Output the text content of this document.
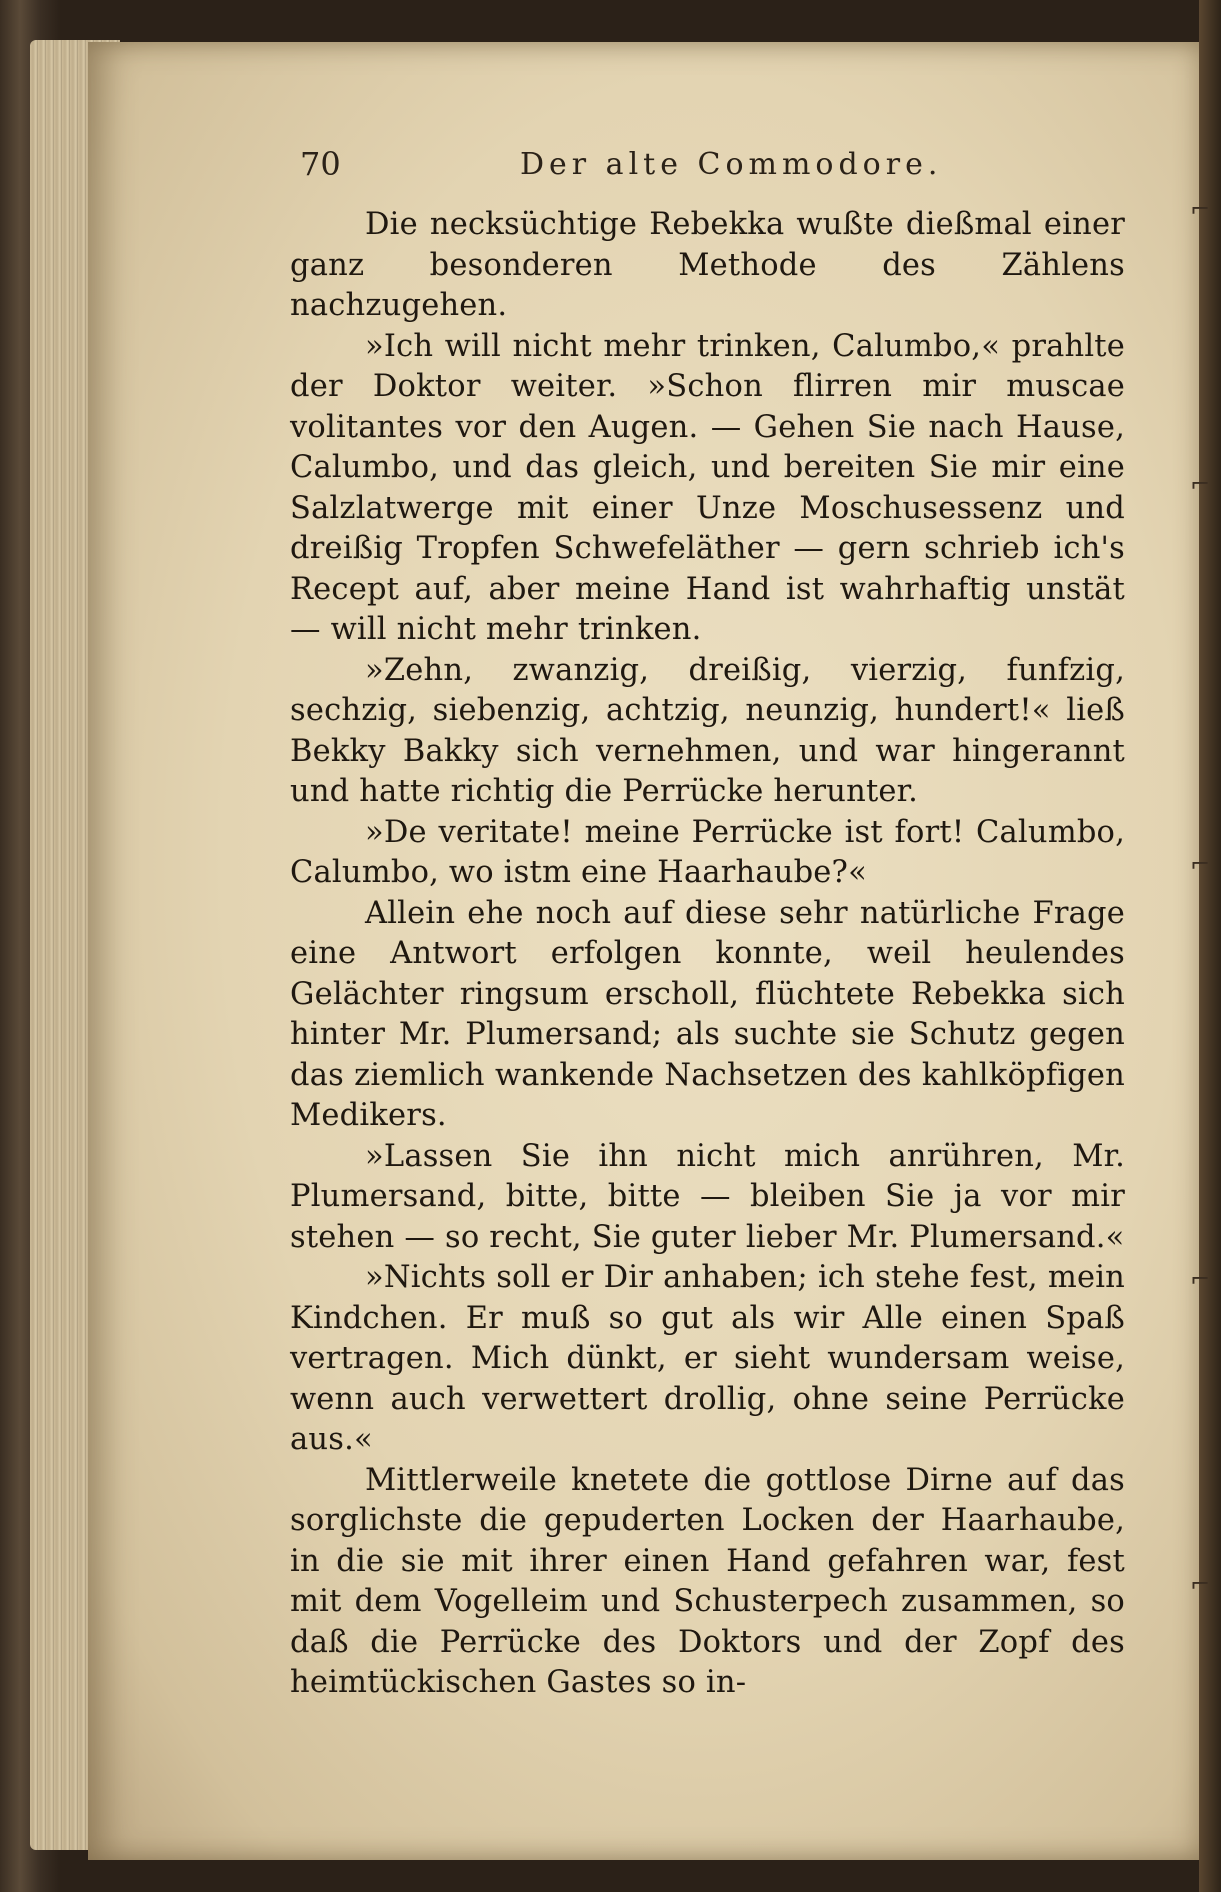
70	Der alte Commodore.

Die necksüchtige Rebekka wußte dießmal einer ganz besonderen Methode des Zählens nachzugehen.

»Ich will nicht mehr trinken, Calumbo,« prahlte der Doktor weiter. »Schon flirren mir muscae volitantes vor den Augen. — Gehen Sie nach Hause, Calumbo, und das gleich, und bereiten Sie mir eine Salzlatwerge mit einer Unze Moschusessenz und dreißig Tropfen Schwefeläther — gern schrieb ich's Recept auf, aber meine Hand ist wahrhaftig unstät — will nicht mehr trinken.

»Zehn, zwanzig, dreißig, vierzig, funfzig, sechzig, siebenzig, achtzig, neunzig, hundert!« ließ Bekky Bakky sich vernehmen, und war hingerannt und hatte richtig die Perrücke herunter.

»De veritate! meine Perrücke ist fort! Calumbo, Calumbo, wo istm eine Haarhaube?«

Allein ehe noch auf diese sehr natürliche Frage eine Antwort erfolgen konnte, weil heulendes Gelächter ringsum erscholl, flüchtete Rebekka sich hinter Mr. Plumersand; als suchte sie Schutz gegen das ziemlich wankende Nachsetzen des kahlköpfigen Medikers.

»Lassen Sie ihn nicht mich anrühren, Mr. Plumersand, bitte, bitte — bleiben Sie ja vor mir stehen — so recht, Sie guter lieber Mr. Plumersand.«

»Nichts soll er Dir anhaben; ich stehe fest, mein Kindchen. Er muß so gut als wir Alle einen Spaß vertragen. Mich dünkt, er sieht wundersam weise, wenn auch verwettert drollig, ohne seine Perrücke aus.«

Mittlerweile knetete die gottlose Dirne auf das sorglichste die gepuderten Locken der Haarhaube, in die sie mit ihrer einen Hand gefahren war, fest mit dem Vogelleim und Schusterpech zusammen, so daß die Perrücke des Doktors und der Zopf des heimtückischen Gastes so in-

⌐
⌐
⌐
⌐
⌐
